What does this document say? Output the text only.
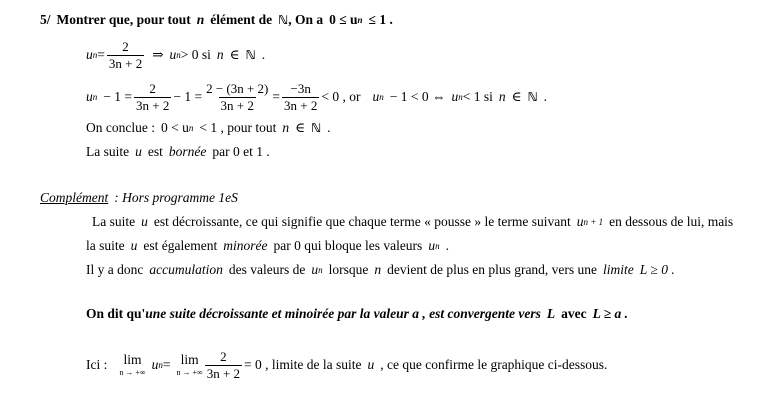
5/ Montrer que, pour tout n élément de ℕ , On a 0 ≤ u n ≤ 1 .
u $n = \frac{2}{3n + 2}$ ⇒ u n > 0 si n ∈ ℕ .
u $n - 1 = \frac{2}{3n + 2} - 1 = \frac{2 - (3n + 2)}{3n + 2} = \frac{-3n}{3n + 2} < 0$ , or u n − 1 < 0 ⇔ u n < 1 si n ∈ ℕ .
On conclue : 0 < u n < 1 , pour tout n ∈ ℕ .
La suite u est bornée par 0 et 1 .
Complément : Hors programme 1eS
La suite u est décroissante, ce qui signifie que chaque terme « pousse » le terme suivant u n + 1 en dessous de lui, mais
la suite u est également minorée par 0 qui bloque les valeurs u n .
Il y a donc accumulation des valeurs de u n lorsque n devient de plus en plus grand, vers une limite L ≥ 0 .
On dit qu' une suite décroissante et minoirée par la valeur a , est convergente vers L avec L ≥ a .
Ici : lim
n → +∞
u n = lim
n → +∞ $\frac{2}{3n + 2} = 0$ , limite de la suite u , ce que confirme le graphique ci-dessous.
